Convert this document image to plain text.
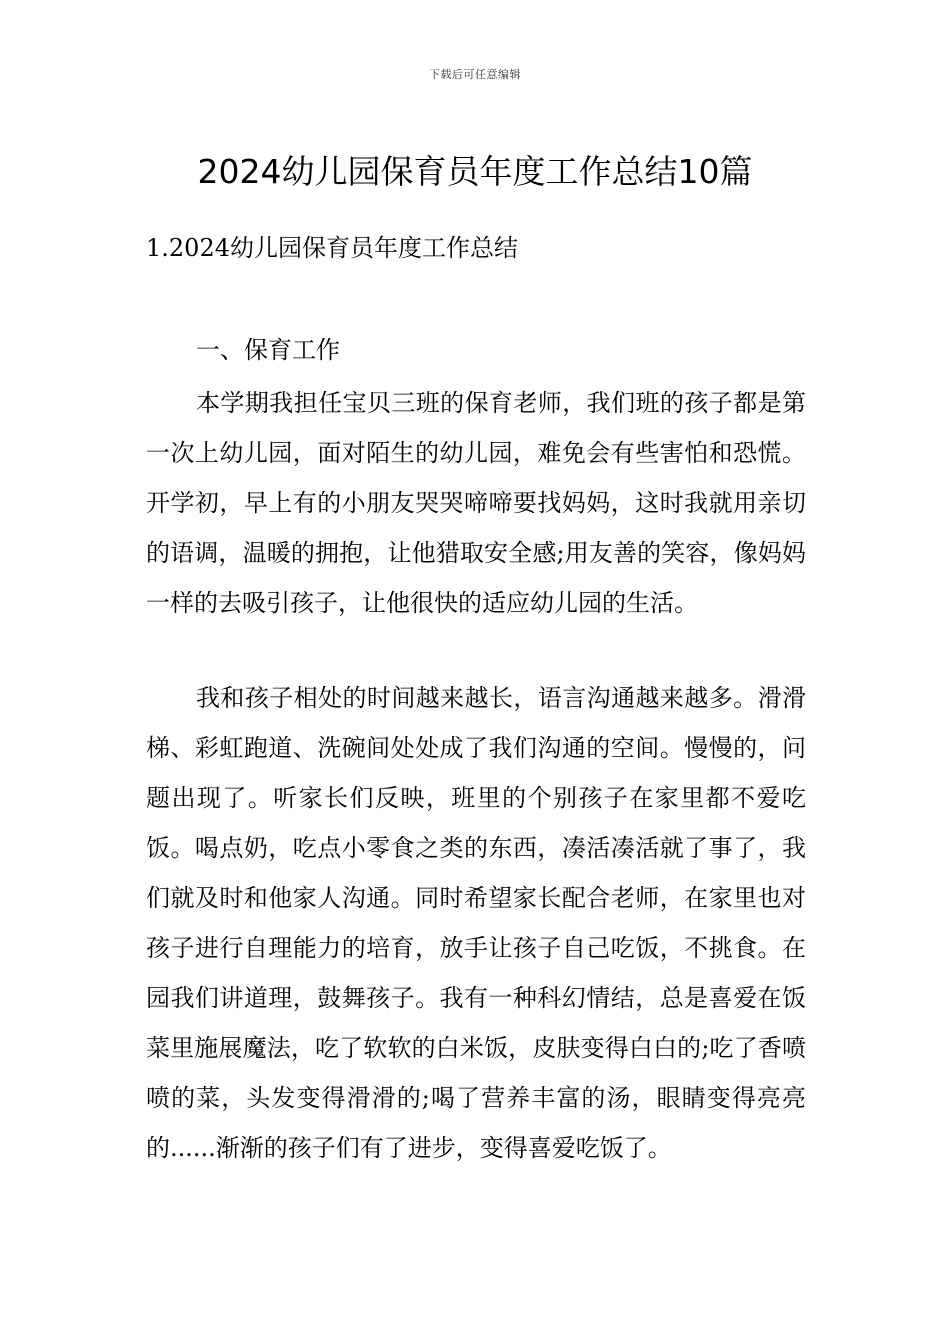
下载后可任意编辑
2024幼儿园保育员年度工作总结10篇
1.2024幼儿园保育员年度工作总结
一、保育工作

本学期我担任宝贝三班的保育老师，我们班的孩子都是第一次上幼儿园，面对陌生的幼儿园，难免会有些害怕和恐慌。开学初，早上有的小朋友哭哭啼啼要找妈妈，这时我就用亲切的语调，温暖的拥抱，让他猎取安全感;用友善的笑容，像妈妈一样的去吸引孩子，让他很快的适应幼儿园的生活。

我和孩子相处的时间越来越长，语言沟通越来越多。滑滑梯、彩虹跑道、洗碗间处处成了我们沟通的空间。慢慢的，问题出现了。听家长们反映，班里的个别孩子在家里都不爱吃饭。喝点奶，吃点小零食之类的东西，凑活凑活就了事了，我们就及时和他家人沟通。同时希望家长配合老师，在家里也对孩子进行自理能力的培育，放手让孩子自己吃饭，不挑食。在园我们讲道理，鼓舞孩子。我有一种科幻情结，总是喜爱在饭菜里施展魔法，吃了软软的白米饭，皮肤变得白白的;吃了香喷喷的菜，头发变得滑滑的;喝了营养丰富的汤，眼睛变得亮亮的......渐渐的孩子们有了进步，变得喜爱吃饭了。
